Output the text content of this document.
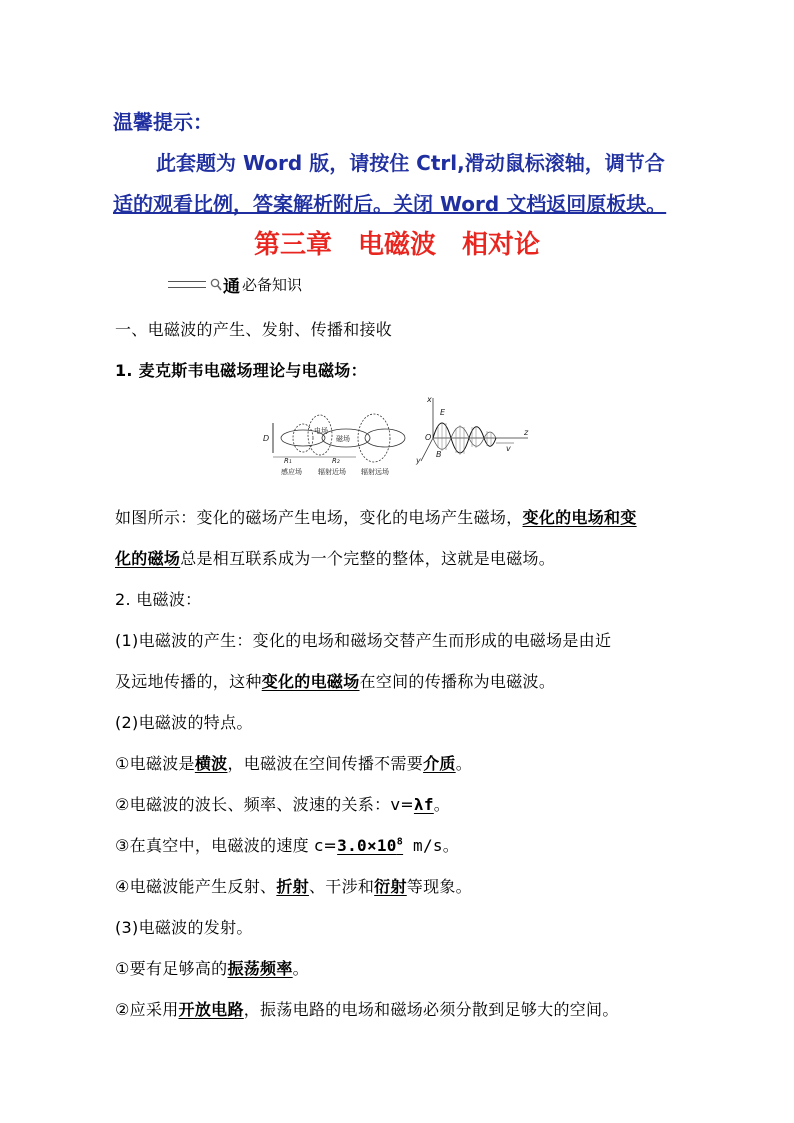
温馨提示：
此套题为 Word 版，请按住 Ctrl,滑动鼠标滚轴，调节合
适的观看比例，答案解析附后。关闭 Word 文档返回原板块。
第三章　电磁波　相对论
通 必备知识
一、电磁波的产生、发射、传播和接收
1. 麦克斯韦电磁场理论与电磁场：
D
电场
磁场
R₁	R₂
感应场 辐射近场 辐射远场
x
E
O
z
v
y
B
如图所示：变化的磁场产生电场，变化的电场产生磁场，变化的电场和变
化的磁场总是相互联系成为一个完整的整体，这就是电磁场。
2. 电磁波：
(1)电磁波的产生：变化的电场和磁场交替产生而形成的电磁场是由近
及远地传播的，这种变化的电磁场在空间的传播称为电磁波。
(2)电磁波的特点。
①电磁波是横波，电磁波在空间传播不需要介质。
②电磁波的波长、频率、波速的关系：v=λf。
③在真空中，电磁波的速度 $c=3.0\times 10^8$ m/s。
④电磁波能产生反射、折射、干涉和衍射等现象。
(3)电磁波的发射。
①要有足够高的振荡频率。
②应采用开放电路，振荡电路的电场和磁场必须分散到足够大的空间。
